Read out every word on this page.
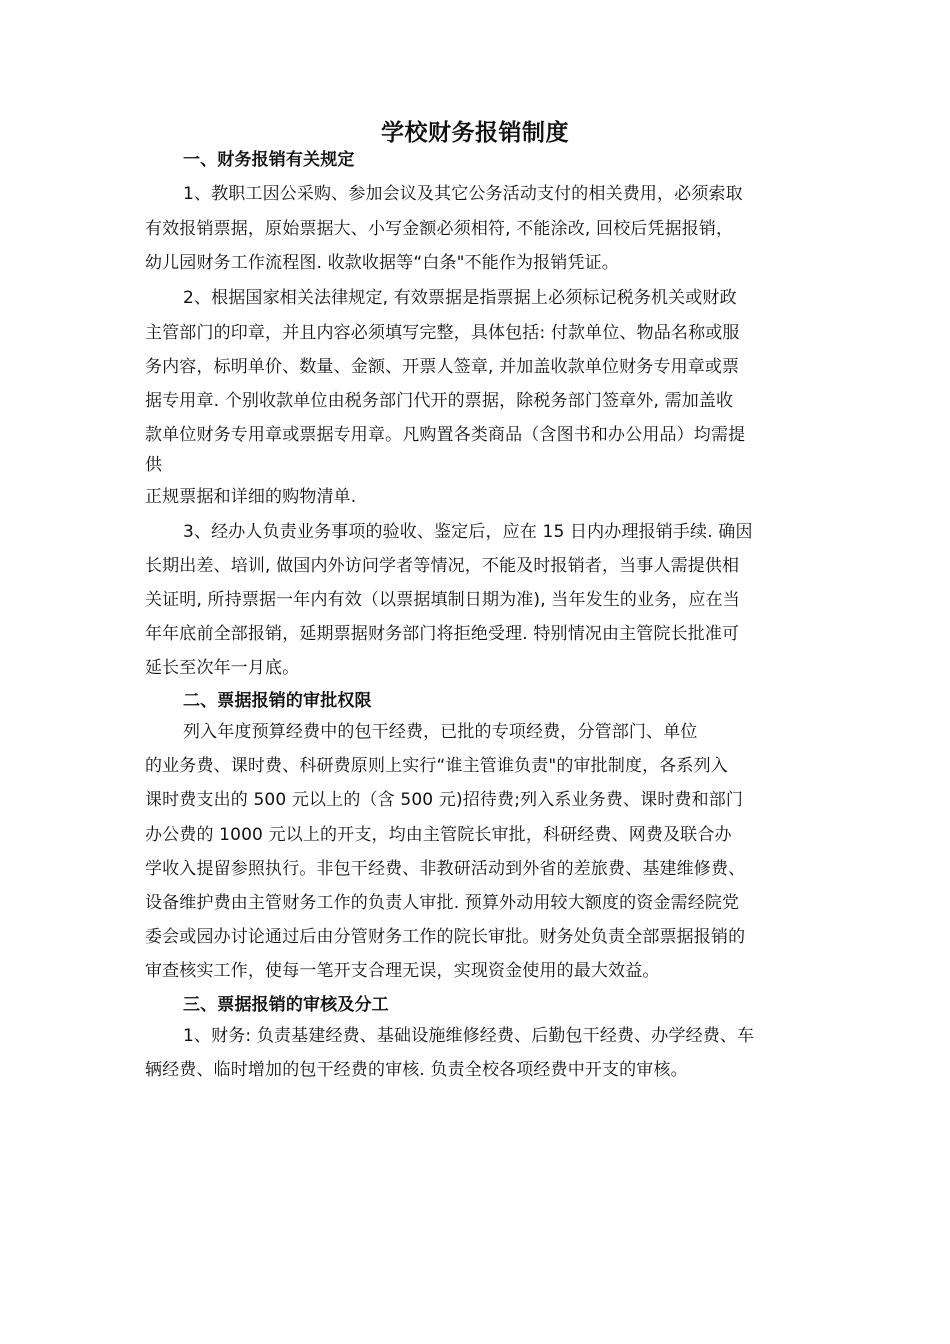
学校财务报销制度
一、财务报销有关规定
1、教职工因公采购、参加会议及其它公务活动支付的相关费用，必须索取
有效报销票据，原始票据大、小写金额必须相符, 不能涂改, 回校后凭据报销，
幼儿园财务工作流程图. 收款收据等“白条"不能作为报销凭证。
2、根据国家相关法律规定, 有效票据是指票据上必须标记税务机关或财政
主管部门的印章，并且内容必须填写完整，具体包括: 付款单位、物品名称或服
务内容，标明单价、数量、金额、开票人签章, 并加盖收款单位财务专用章或票
据专用章. 个别收款单位由税务部门代开的票据，除税务部门签章外, 需加盖收
款单位财务专用章或票据专用章。凡购置各类商品（含图书和办公用品）均需提
供
正规票据和详细的购物清单.
3、经办人负责业务事项的验收、鉴定后，应在 15 日内办理报销手续. 确因
长期出差、培训, 做国内外访问学者等情况，不能及时报销者，当事人需提供相
关证明, 所持票据一年内有效（以票据填制日期为准), 当年发生的业务，应在当
年年底前全部报销，延期票据财务部门将拒绝受理. 特别情况由主管院长批准可
延长至次年一月底。
二、票据报销的审批权限
列入年度预算经费中的包干经费，已批的专项经费，分管部门、单位
的业务费、课时费、科研费原则上实行“谁主管谁负责"的审批制度，各系列入
课时费支出的 500 元以上的（含 500 元)招待费;列入系业务费、课时费和部门
办公费的 1000 元以上的开支，均由主管院长审批，科研经费、网费及联合办
学收入提留参照执行。非包干经费、非教研活动到外省的差旅费、基建维修费、
设备维护费由主管财务工作的负责人审批. 预算外动用较大额度的资金需经院党
委会或园办讨论通过后由分管财务工作的院长审批。财务处负责全部票据报销的
审查核实工作，使每一笔开支合理无误，实现资金使用的最大效益。
三、票据报销的审核及分工
1、财务: 负责基建经费、基础设施维修经费、后勤包干经费、办学经费、车
辆经费、临时增加的包干经费的审核. 负责全校各项经费中开支的审核。
